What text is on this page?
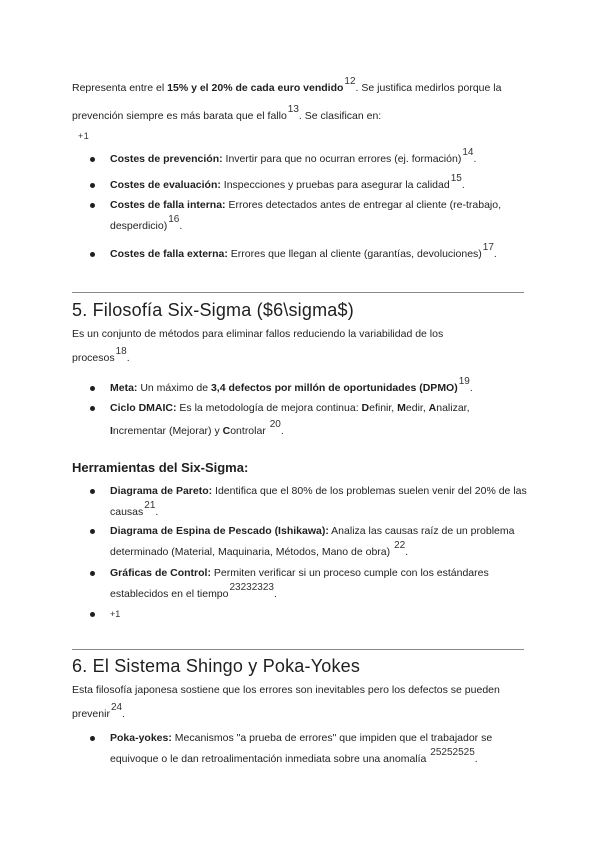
Representa entre el 15% y el 20% de cada euro vendido12. Se justifica medirlos porque la

prevención siempre es más barata que el fallo13. Se clasifican en:

+1
Costes de prevención: Invertir para que no ocurran errores (ej. formación)14.
Costes de evaluación: Inspecciones y pruebas para asegurar la calidad15.
Costes de falla interna: Errores detectados antes de entregar al cliente (re-trabajo, desperdicio)16.
Costes de falla externa: Errores que llegan al cliente (garantías, devoluciones)17.
5. Filosofía Six-Sigma ($6\sigma$)

Es un conjunto de métodos para eliminar fallos reduciendo la variabilidad de los

procesos18.

Meta: Un máximo de 3,4 defectos por millón de oportunidades (DPMO)19.
Ciclo DMAIC: Es la metodología de mejora continua: Definir, Medir, Analizar,
Incrementar (Mejorar) y Controlar 20.
Herramientas del Six-Sigma:
Diagrama de Pareto: Identifica que el 80% de los problemas suelen venir del 20% de las causas21.
Diagrama de Espina de Pescado (Ishikawa): Analiza las causas raíz de un problema determinado (Material, Maquinaria, Métodos, Mano de obra) 22.
Gráficas de Control: Permiten verificar si un proceso cumple con los estándares establecidos en el tiempo23232323.
+1
6. El Sistema Shingo y Poka-Yokes

Esta filosofía japonesa sostiene que los errores son inevitables pero los defectos se pueden

prevenir24.

Poka-yokes: Mecanismos "a prueba de errores" que impiden que el trabajador se equivoque o le dan retroalimentación inmediata sobre una anomalía 25252525.
